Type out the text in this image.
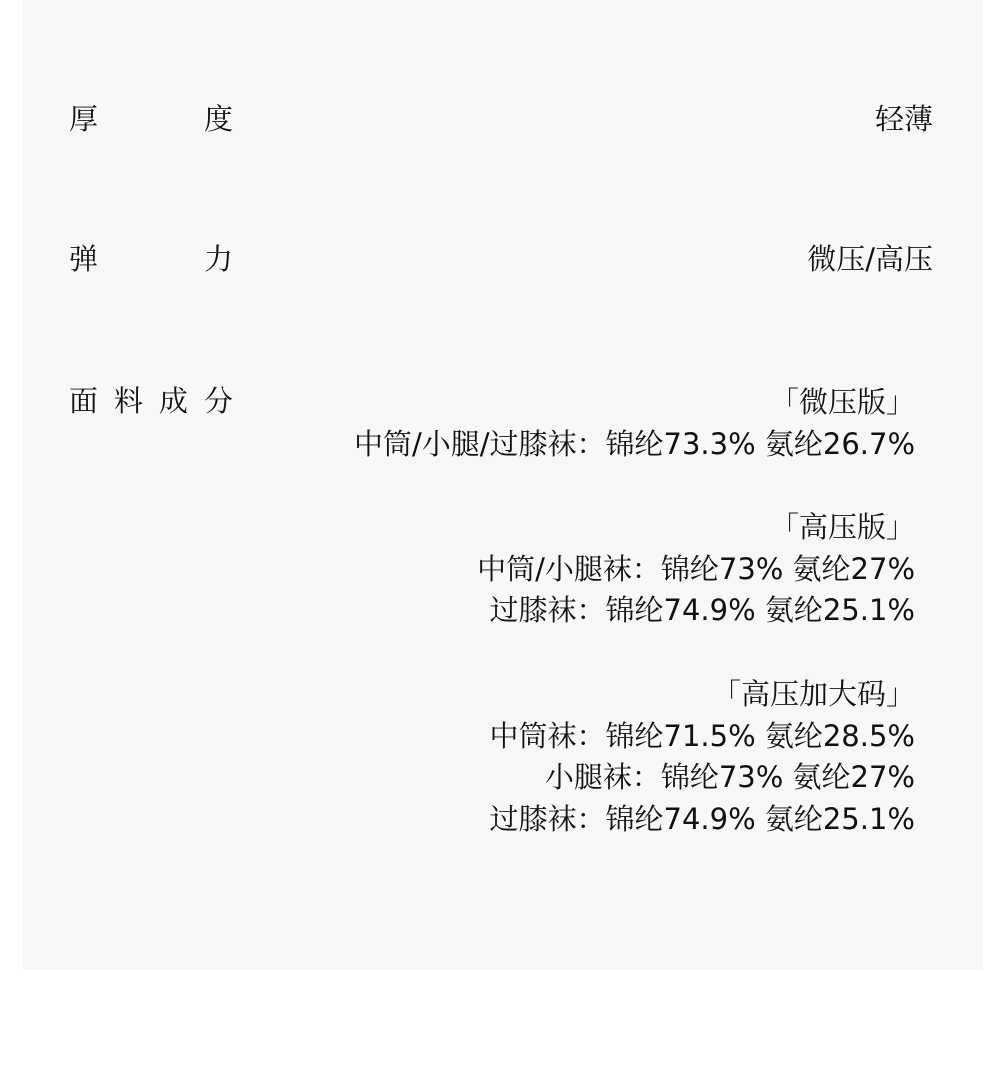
厚	度	轻薄
弹	力	微压/高压
面 料 成 分	「微压版」
中筒/小腿/过膝袜：锦纶73.3% 氨纶26.7%
「高压版」
中筒/小腿袜：锦纶73% 氨纶27%
过膝袜：锦纶74.9% 氨纶25.1%
「高压加大码」
中筒袜：锦纶71.5% 氨纶28.5%
小腿袜：锦纶73% 氨纶27%
过膝袜：锦纶74.9% 氨纶25.1%
